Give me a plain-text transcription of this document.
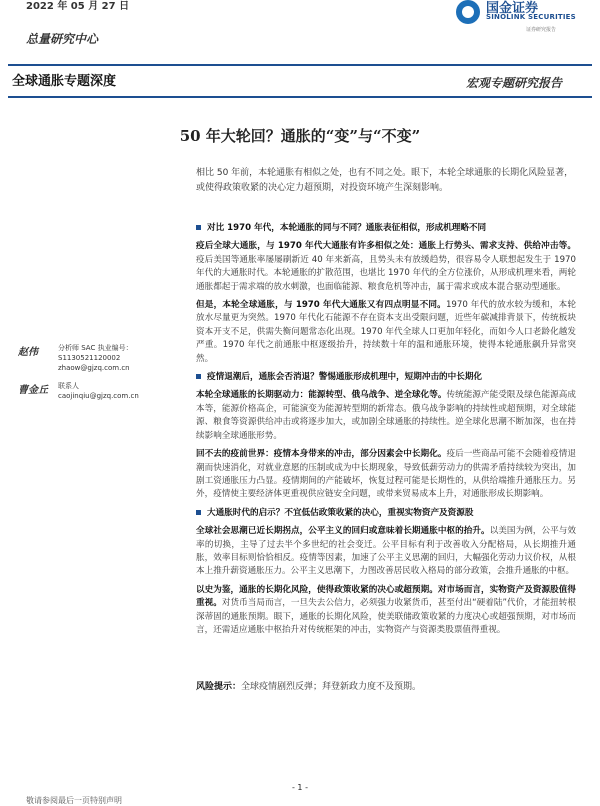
2022 年 05 月 27 日
总量研究中心
国金证券
SINOLINK SECURITIES
证券研究报告
全球通胀专题深度	宏观专题研究报告
50 年大轮回？通胀的“变”与“不变”
相比 50 年前，本轮通胀有相似之处，也有不同之处。眼下，本轮全球通胀的长期化风险显著，或使得政策收紧的决心定力超预期，对投资环境产生深刻影响。
赵伟	分析师 SAC 执业编号：S1130521120002
zhaow@gjzq.com.cn
曹金丘 联系人
caojinqiu@gjzq.com.cn
对比 1970 年代，本轮通胀的同与不同？通胀表征相似，形成机理略不同

疫后全球大通胀，与 1970 年代大通胀有许多相似之处：通胀上行势头、需求支持、供给冲击等。疫后美国等通胀率屡屡刷新近 40 年来新高，且势头未有放缓趋势，很容易令人联想起发生于 1970 年代的大通胀时代。本轮通胀的扩散范围，也堪比 1970 年代的全方位涨价，从形成机理来看，两轮通胀都起于需求端的放水刺激，也面临能源、粮食危机等冲击，属于需求或成本混合驱动型通胀。

但是，本轮全球通胀，与 1970 年代大通胀又有四点明显不同。1970 年代的放水较为缓和，本轮放水尽量更为突然。1970 年代化石能源不存在资本支出受限问题，近些年碳减排背景下，传统板块资本开支不足，供需失衡问题常态化出现。1970 年代全球人口更加年轻化，而如今人口老龄化越发严重。1970 年代之前通胀中枢逐级抬升，持续数十年的温和通胀环境，使得本轮通胀飙升异常突然。

疫情退潮后，通胀会否消退？警惕通胀形成机理中，短期冲击的中长期化

本轮全球通胀的长期驱动力：能源转型、俄乌战争、逆全球化等。传统能源产能受限及绿色能源高成本等，能源价格高企，可能演变为能源转型期的新常态。俄乌战争影响的持续性或超预期，对全球能源、粮食等资源供给冲击或将逐步加大，或加剧全球通胀的持续性。逆全球化思潮不断加深，也在持续影响全球通胀形势。

回不去的疫前世界：疫情本身带来的冲击，部分因素会中长期化。疫后一些商品可能不会随着疫情退潮而快速消化，对就业意愿的压制或成为中长期现象，导致低薪劳动力的供需矛盾持续较为突出，加剧工资通胀压力凸显。疫情期间的产能破坏，恢复过程可能是长期性的，从供给端推升通胀压力。另外，疫情使主要经济体更重视供应链安全问题，或带来贸易成本上升，对通胀形成长期影响。

大通胀时代的启示？不宜低估政策收紧的决心，重视实物资产及资源股

全球社会思潮已近长期拐点，公平主义的回归或意味着长期通胀中枢的抬升。以美国为例，公平与效率的切换，主导了过去半个多世纪的社会变迁。公平目标有利于改善收入分配格局，从长期推升通胀，效率目标则恰恰相反。疫情等因素，加速了公平主义思潮的回归，大幅强化劳动力议价权，从根本上推升薪资通胀压力。公平主义思潮下，力图改善居民收入格局的部分政策，会推升通胀的中枢。

以史为鉴，通胀的长期化风险，使得政策收紧的决心或超预期。对市场而言，实物资产及资源股值得重视。对货币当局而言，一旦失去公信力，必须强力收紧货币，甚至付出“硬着陆”代价，才能扭转根深蒂固的通胀预期。眼下，通胀的长期化风险，使美联储政策收紧的力度决心或超强预期，对市场而言，还需适应通胀中枢抬升对传统框架的冲击，实物资产与资源类股票值得重视。

风险提示：全球疫情剧烈反弹；拜登新政力度不及预期。
- 1 -
敬请参阅最后一页特别声明
